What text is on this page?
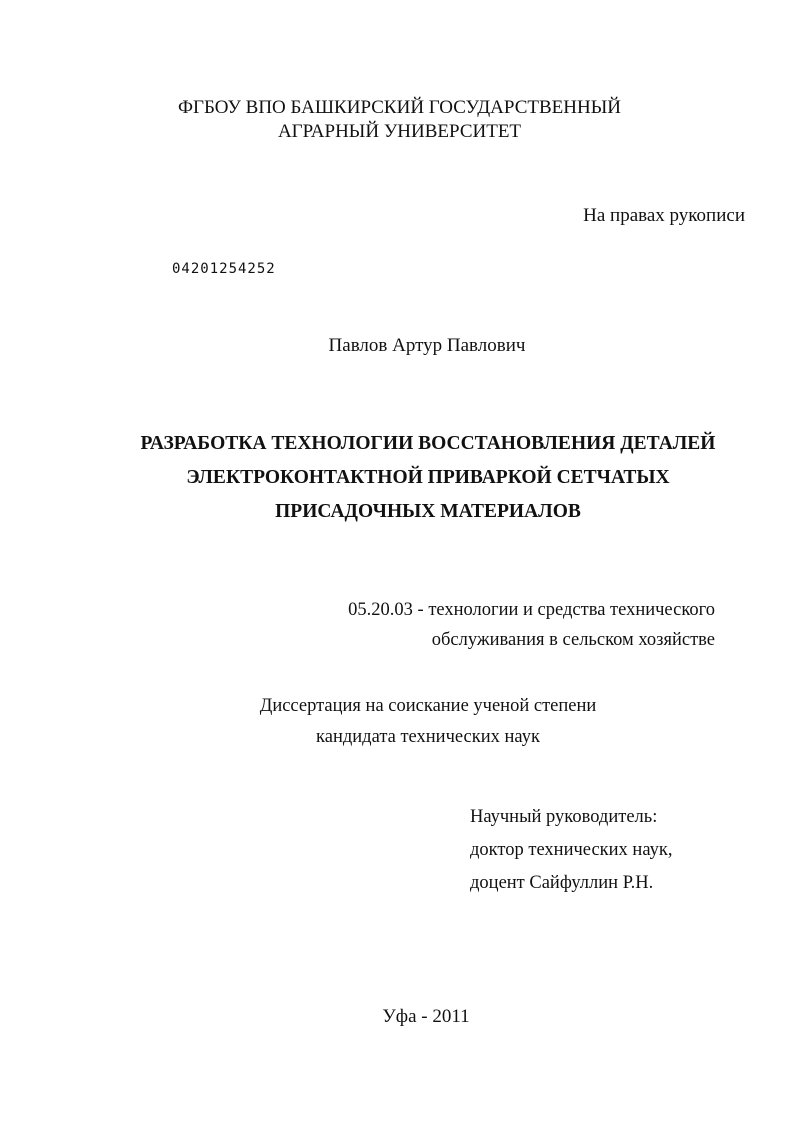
ФГБОУ ВПО БАШКИРСКИЙ ГОСУДАРСТВЕННЫЙ
АГРАРНЫЙ УНИВЕРСИТЕТ
На правах рукописи
04201254252
Павлов Артур Павлович
РАЗРАБОТКА ТЕХНОЛОГИИ ВОССТАНОВЛЕНИЯ ДЕТАЛЕЙ
ЭЛЕКТРОКОНТАКТНОЙ ПРИВАРКОЙ СЕТЧАТЫХ
ПРИСАДОЧНЫХ МАТЕРИАЛОВ
05.20.03 - технологии и средства технического
обслуживания в сельском хозяйстве
Диссертация на соискание ученой степени
кандидата технических наук
Научный руководитель:
доктор технических наук,
доцент Сайфуллин Р.Н.
Уфа - 2011
